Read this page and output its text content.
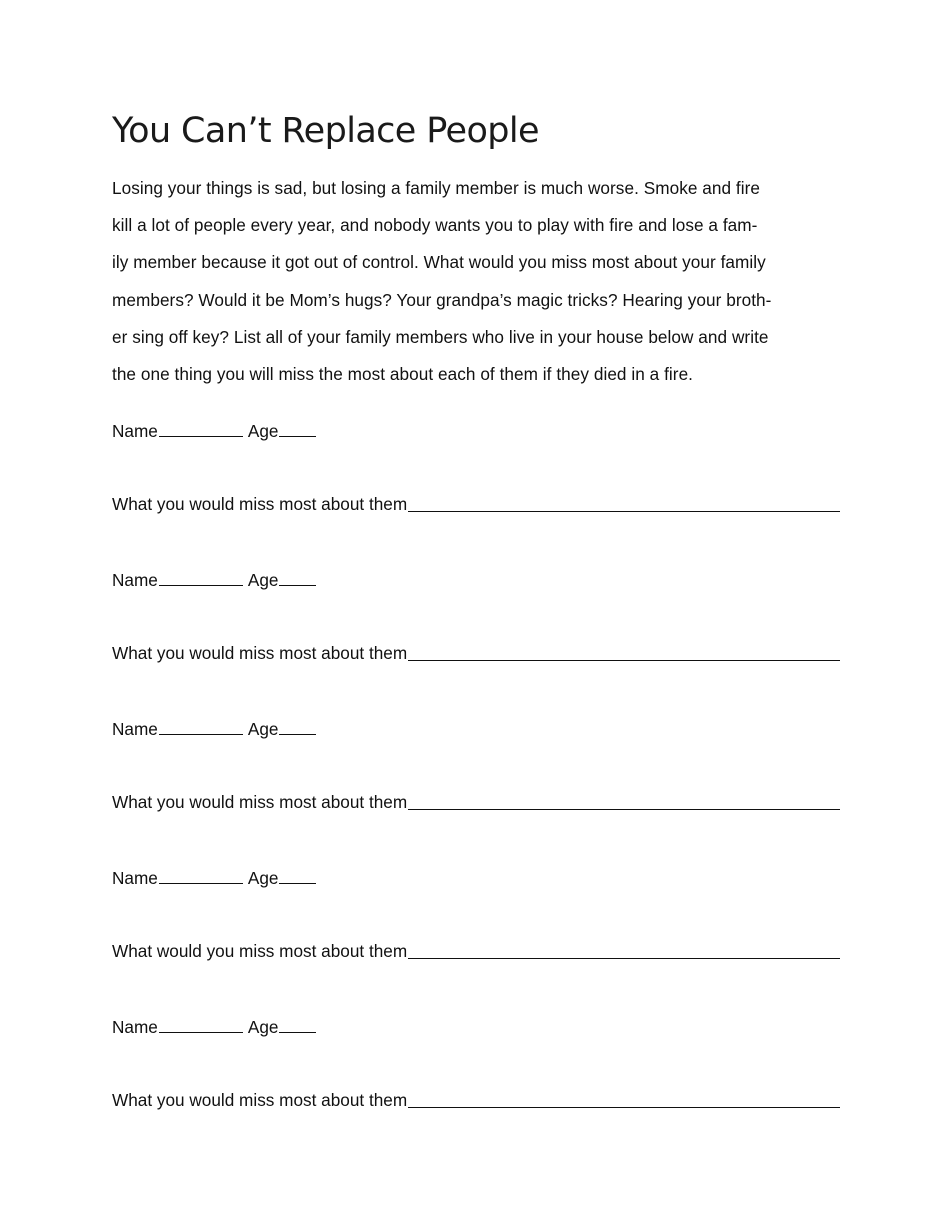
You Can’t Replace People

Losing your things is sad, but losing a family member is much worse. Smoke and fire
kill a lot of people every year, and nobody wants you to play with fire and lose a fam-
ily member because it got out of control. What would you miss most about your family
members? Would it be Mom’s hugs? Your grandpa’s magic tricks? Hearing your broth-
er sing off key? List all of your family members who live in your house below and write
the one thing you will miss the most about each of them if they died in a fire.

Name	Age
What you would miss most about them
Name	Age
What you would miss most about them
Name	Age
What you would miss most about them
Name	Age
What would you miss most about them
Name	Age
What you would miss most about them
